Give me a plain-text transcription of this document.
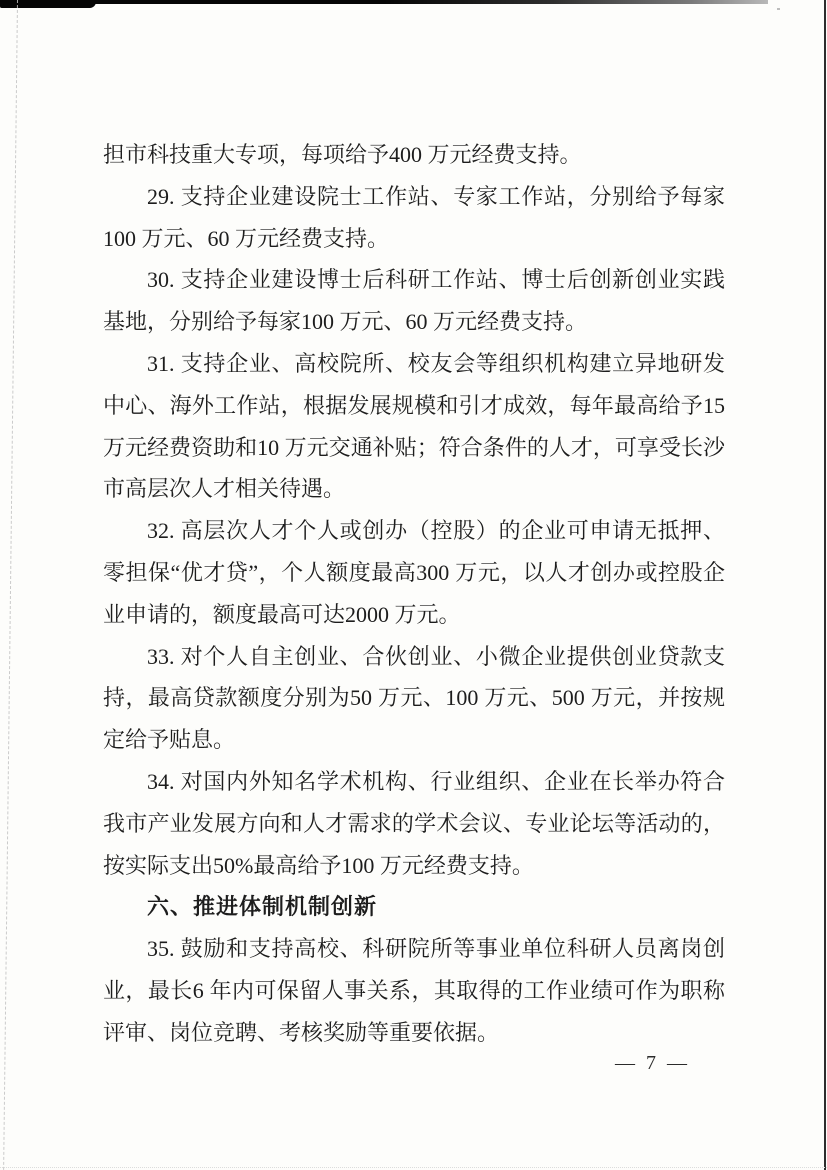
担市科技重大专项，每项给予400 万元经费支持。

29. 支持企业建设院士工作站、专家工作站，分别给予每家100 万元、60 万元经费支持。

30. 支持企业建设博士后科研工作站、博士后创新创业实践基地，分别给予每家100 万元、60 万元经费支持。

31. 支持企业、高校院所、校友会等组织机构建立异地研发中心、海外工作站，根据发展规模和引才成效，每年最高给予15 万元经费资助和10 万元交通补贴；符合条件的人才，可享受长沙市高层次人才相关待遇。

32. 高层次人才个人或创办（控股）的企业可申请无抵押、零担保“优才贷”，个人额度最高300 万元，以人才创办或控股企业申请的，额度最高可达2000 万元。

33. 对个人自主创业、合伙创业、小微企业提供创业贷款支持，最高贷款额度分别为50 万元、100 万元、500 万元，并按规定给予贴息。

34. 对国内外知名学术机构、行业组织、企业在长举办符合我市产业发展方向和人才需求的学术会议、专业论坛等活动的，按实际支出50%最高给予100 万元经费支持。

六、推进体制机制创新

35. 鼓励和支持高校、科研院所等事业单位科研人员离岗创业，最长6 年内可保留人事关系，其取得的工作业绩可作为职称评审、岗位竞聘、考核奖励等重要依据。

— 7 —
